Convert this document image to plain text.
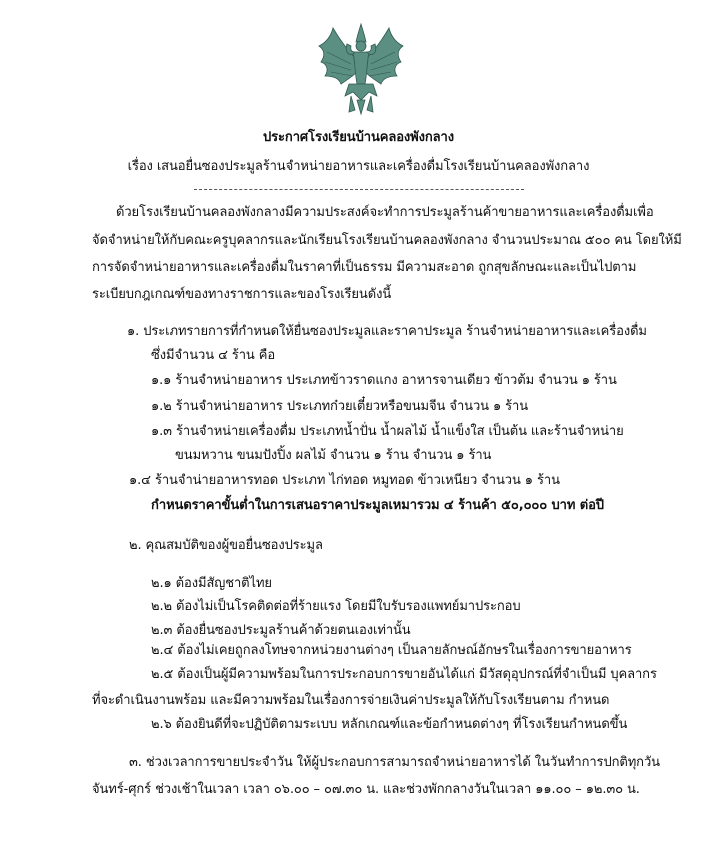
ประกาศโรงเรียนบ้านคลองพังกลาง
เรื่อง เสนอยื่นซองประมูลร้านจำหน่ายอาหารและเครื่องดื่มโรงเรียนบ้านคลองพังกลาง
ด้วยโรงเรียนบ้านคลองพังกลางมีความประสงค์จะทำการประมูลร้านค้าขายอาหารและเครื่องดื่มเพื่อ
จัดจำหน่ายให้กับคณะครูบุคลากรและนักเรียนโรงเรียนบ้านคลองพังกลาง จำนวนประมาณ ๕๐๐ คน โดยให้มี
การจัดจำหน่ายอาหารและเครื่องดื่มในราคาที่เป็นธรรม มีความสะอาด ถูกสุขลักษณะและเป็นไปตาม
ระเบียบกฎเกณฑ์ของทางราชการและของโรงเรียนดังนี้
๑. ประเภทรายการที่กำหนดให้ยื่นซองประมูลและราคาประมูล ร้านจำหน่ายอาหารและเครื่องดื่ม
ซึ่งมีจำนวน ๔ ร้าน คือ
๑.๑ ร้านจำหน่ายอาหาร ประเภทข้าวราดแกง อาหารจานเดียว ข้าวต้ม จำนวน ๑ ร้าน
๑.๒ ร้านจำหน่ายอาหาร ประเภทก๋วยเตี๋ยวหรือขนมจีน จำนวน ๑ ร้าน
๑.๓ ร้านจำหน่ายเครื่องดื่ม ประเภทน้ำปั่น น้ำผลไม้ น้ำแข็งใส เป็นต้น และร้านจำหน่าย
ขนมหวาน ขนมปังปิ้ง ผลไม้ จำนวน ๑ ร้าน จำนวน ๑ ร้าน
๑.๔ ร้านจำน่ายอาหารทอด ประเภท ไก่ทอด หมูทอด ข้าวเหนียว จำนวน ๑ ร้าน
กำหนดราคาขั้นต่ำในการเสนอราคาประมูลเหมารวม ๔ ร้านค้า ๕๐,๐๐๐ บาท ต่อปี
๒. คุณสมบัติของผู้ขอยื่นซองประมูล
๒.๑ ต้องมีสัญชาติไทย
๒.๒ ต้องไม่เป็นโรคติดต่อที่ร้ายแรง โดยมีใบรับรองแพทย์มาประกอบ
๒.๓ ต้องยื่นซองประมูลร้านค้าด้วยตนเองเท่านั้น
๒.๔ ต้องไม่เคยถูกลงโทษจากหน่วยงานต่างๆ เป็นลายลักษณ์อักษรในเรื่องการขายอาหาร
๒.๕ ต้องเป็นผู้มีความพร้อมในการประกอบการขายอันได้แก่ มีวัสดุอุปกรณ์ที่จำเป็นมี บุคลากร
ที่จะดำเนินงานพร้อม และมีความพร้อมในเรื่องการจ่ายเงินค่าประมูลให้กับโรงเรียนตาม กำหนด
๒.๖ ต้องยินดีที่จะปฏิบัติตามระเบบ หลักเกณฑ์และข้อกำหนดต่างๆ ที่โรงเรียนกำหนดขึ้น
๓. ช่วงเวลาการขายประจำวัน ให้ผู้ประกอบการสามารถจำหน่ายอาหารได้ ในวันทำการปกติทุกวัน
จันทร์-ศุกร์ ช่วงเช้าในเวลา เวลา ๐๖.๐๐ – ๐๗.๓๐ น. และช่วงพักกลางวันในเวลา ๑๑.๐๐ – ๑๒.๓๐ น.
